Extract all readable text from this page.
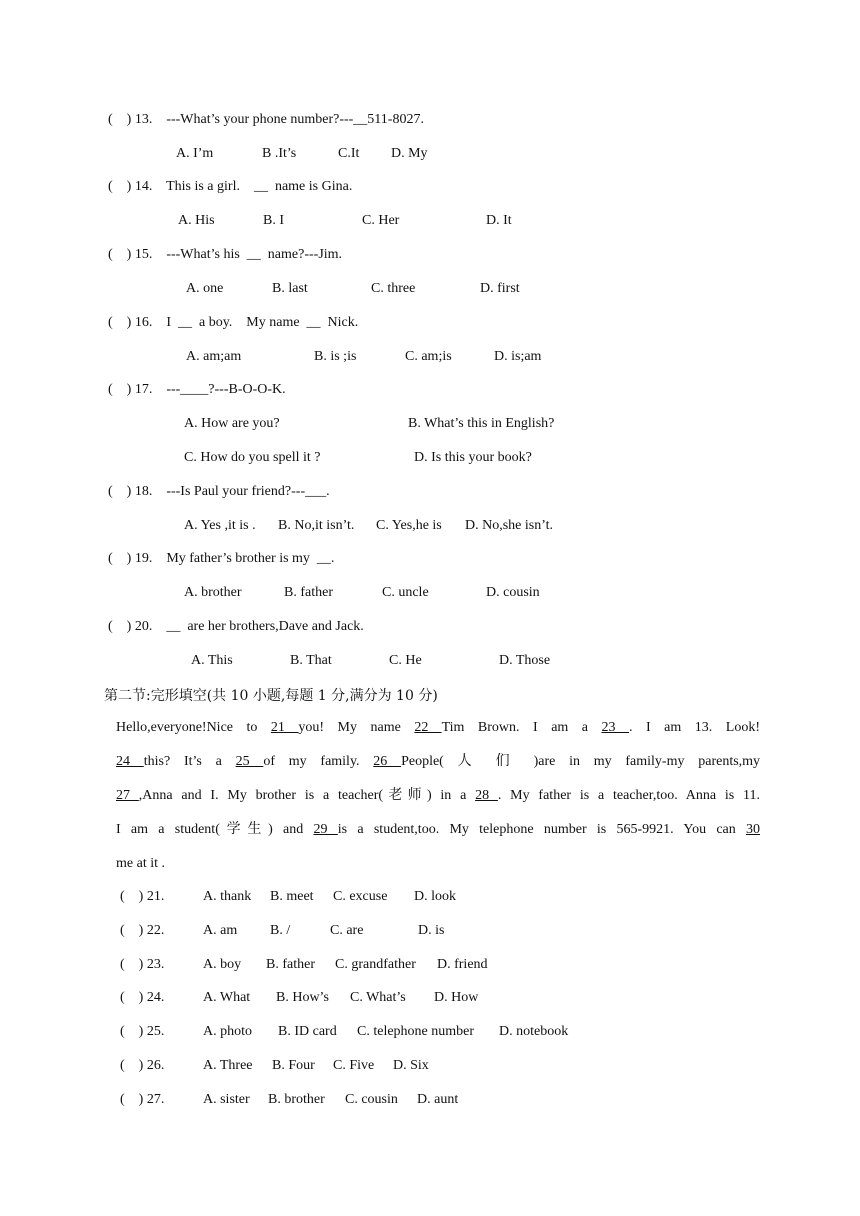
(    ) 13.    ---What’s your phone number?---__511-8027.
A. I’m	B .It’s	C.It D. My
(    ) 14.    This is a girl.    __  name is Gina.
A. His	B. I	C. Her	D. It
(    ) 15.    ---What’s his  __  name?---Jim.
A. one	B. last	C. three	D. first
(    ) 16.    I  __  a boy.    My name  __  Nick.
A. am;am	B. is ;is	C. am;is	D. is;am
(    ) 17.    ---____?---B-O-O-K.
A. How are you?	B. What’s this in English?
C. How do you spell it ?	D. Is this your book?
(    ) 18.    ---Is Paul your friend?---___.
A. Yes ,it is . B. No,it isn’t. C. Yes,he is D. No,she isn’t.
(    ) 19.    My father’s brother is my  __.
A. brother	B. father	C. uncle	D. cousin
(    ) 20.    __  are her brothers,Dave and Jack.
A. This	B. That	C. He	D. Those
第二节:完形填空(共 10 小题,每题 1 分,满分为 10 分)
Hello,everyone!Nice to 21 you! My name 22 Tim Brown. I am a 23 . I am 13. Look!
24 this? It’s a 25 of my family. 26 People( 人 们 )are in my family-my parents,my
27 ,Anna and I. My brother is a teacher(老师) in a 28 . My father is a teacher,too. Anna is 11.
I am a student(学生) and 29 is a student,too. My telephone number is 565-9921. You can 30
me at it .
(    ) 21.	A. thank B. meet C. excuse D. look
(    ) 22.	A. am B. /	C. are	D. is
(    ) 23.	A. boy B. father C. grandfather D. friend
(    ) 24.	A. What B. How’s C. What’s D. How
(    ) 25.	A. photo B. ID card C. telephone number D. notebook
(    ) 26.	A. Three B. Four C. Five D. Six
(    ) 27.	A. sister B. brother C. cousin D. aunt
